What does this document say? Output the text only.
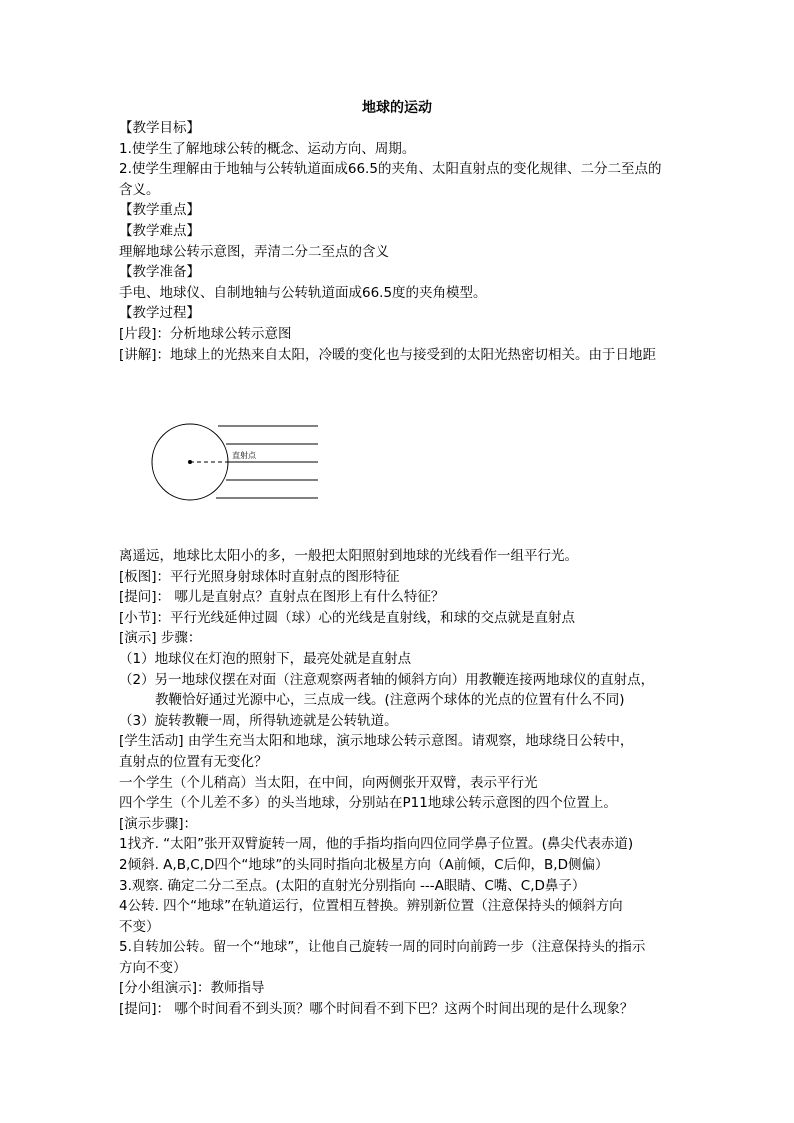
地球的运动

【教学目标】

1.使学生了解地球公转的概念、运动方向、周期。

2.使学生理解由于地轴与公转轨道面成66.5的夹角、太阳直射点的变化规律、二分二至点的

含义。

【教学重点】

【教学难点】

理解地球公转示意图，弄清二分二至点的含义

【教学准备】

手电、地球仪、自制地轴与公转轨道面成66.5度的夹角模型。

【教学过程】

[片段]：分析地球公转示意图

[讲解]：地球上的光热来自太阳，冷暖的变化也与接受到的太阳光热密切相关。由于日地距

直射点

离遥远，地球比太阳小的多，一般把太阳照射到地球的光线看作一组平行光。

[板图]：平行光照身射球体时直射点的图形特征

[提问]： 哪儿是直射点？直射点在图形上有什么特征？

[小节]：平行光线延伸过圆（球）心的光线是直射线，和球的交点就是直射点

[演示] 步骤：

（1）地球仪在灯泡的照射下，最亮处就是直射点

（2）另一地球仪摆在对面（注意观察两者轴的倾斜方向）用教鞭连接两地球仪的直射点，

教鞭恰好通过光源中心，三点成一线。(注意两个球体的光点的位置有什么不同)

（3）旋转教鞭一周，所得轨迹就是公转轨道。

[学生活动] 由学生充当太阳和地球，演示地球公转示意图。请观察，地球绕日公转中，

直射点的位置有无变化？

一个学生（个儿稍高）当太阳，在中间，向两侧张开双臂，表示平行光

四个学生（个儿差不多）的头当地球，分别站在P11地球公转示意图的四个位置上。

[演示步骤]：

1找齐. “太阳”张开双臂旋转一周，他的手指均指向四位同学鼻子位置。(鼻尖代表赤道)

2倾斜. A,B,C,D四个“地球”的头同时指向北极星方向（A前倾，C后仰，B,D侧偏）

3.观察. 确定二分二至点。(太阳的直射光分别指向 ---A眼睛、C嘴、C,D鼻子）

4公转. 四个“地球”在轨道运行，位置相互替换。辨别新位置（注意保持头的倾斜方向

不变）

5.自转加公转。留一个“地球”，让他自己旋转一周的同时向前跨一步（注意保持头的指示

方向不变）

[分小组演示]：教师指导

[提问]： 哪个时间看不到头顶？哪个时间看不到下巴？这两个时间出现的是什么现象？
